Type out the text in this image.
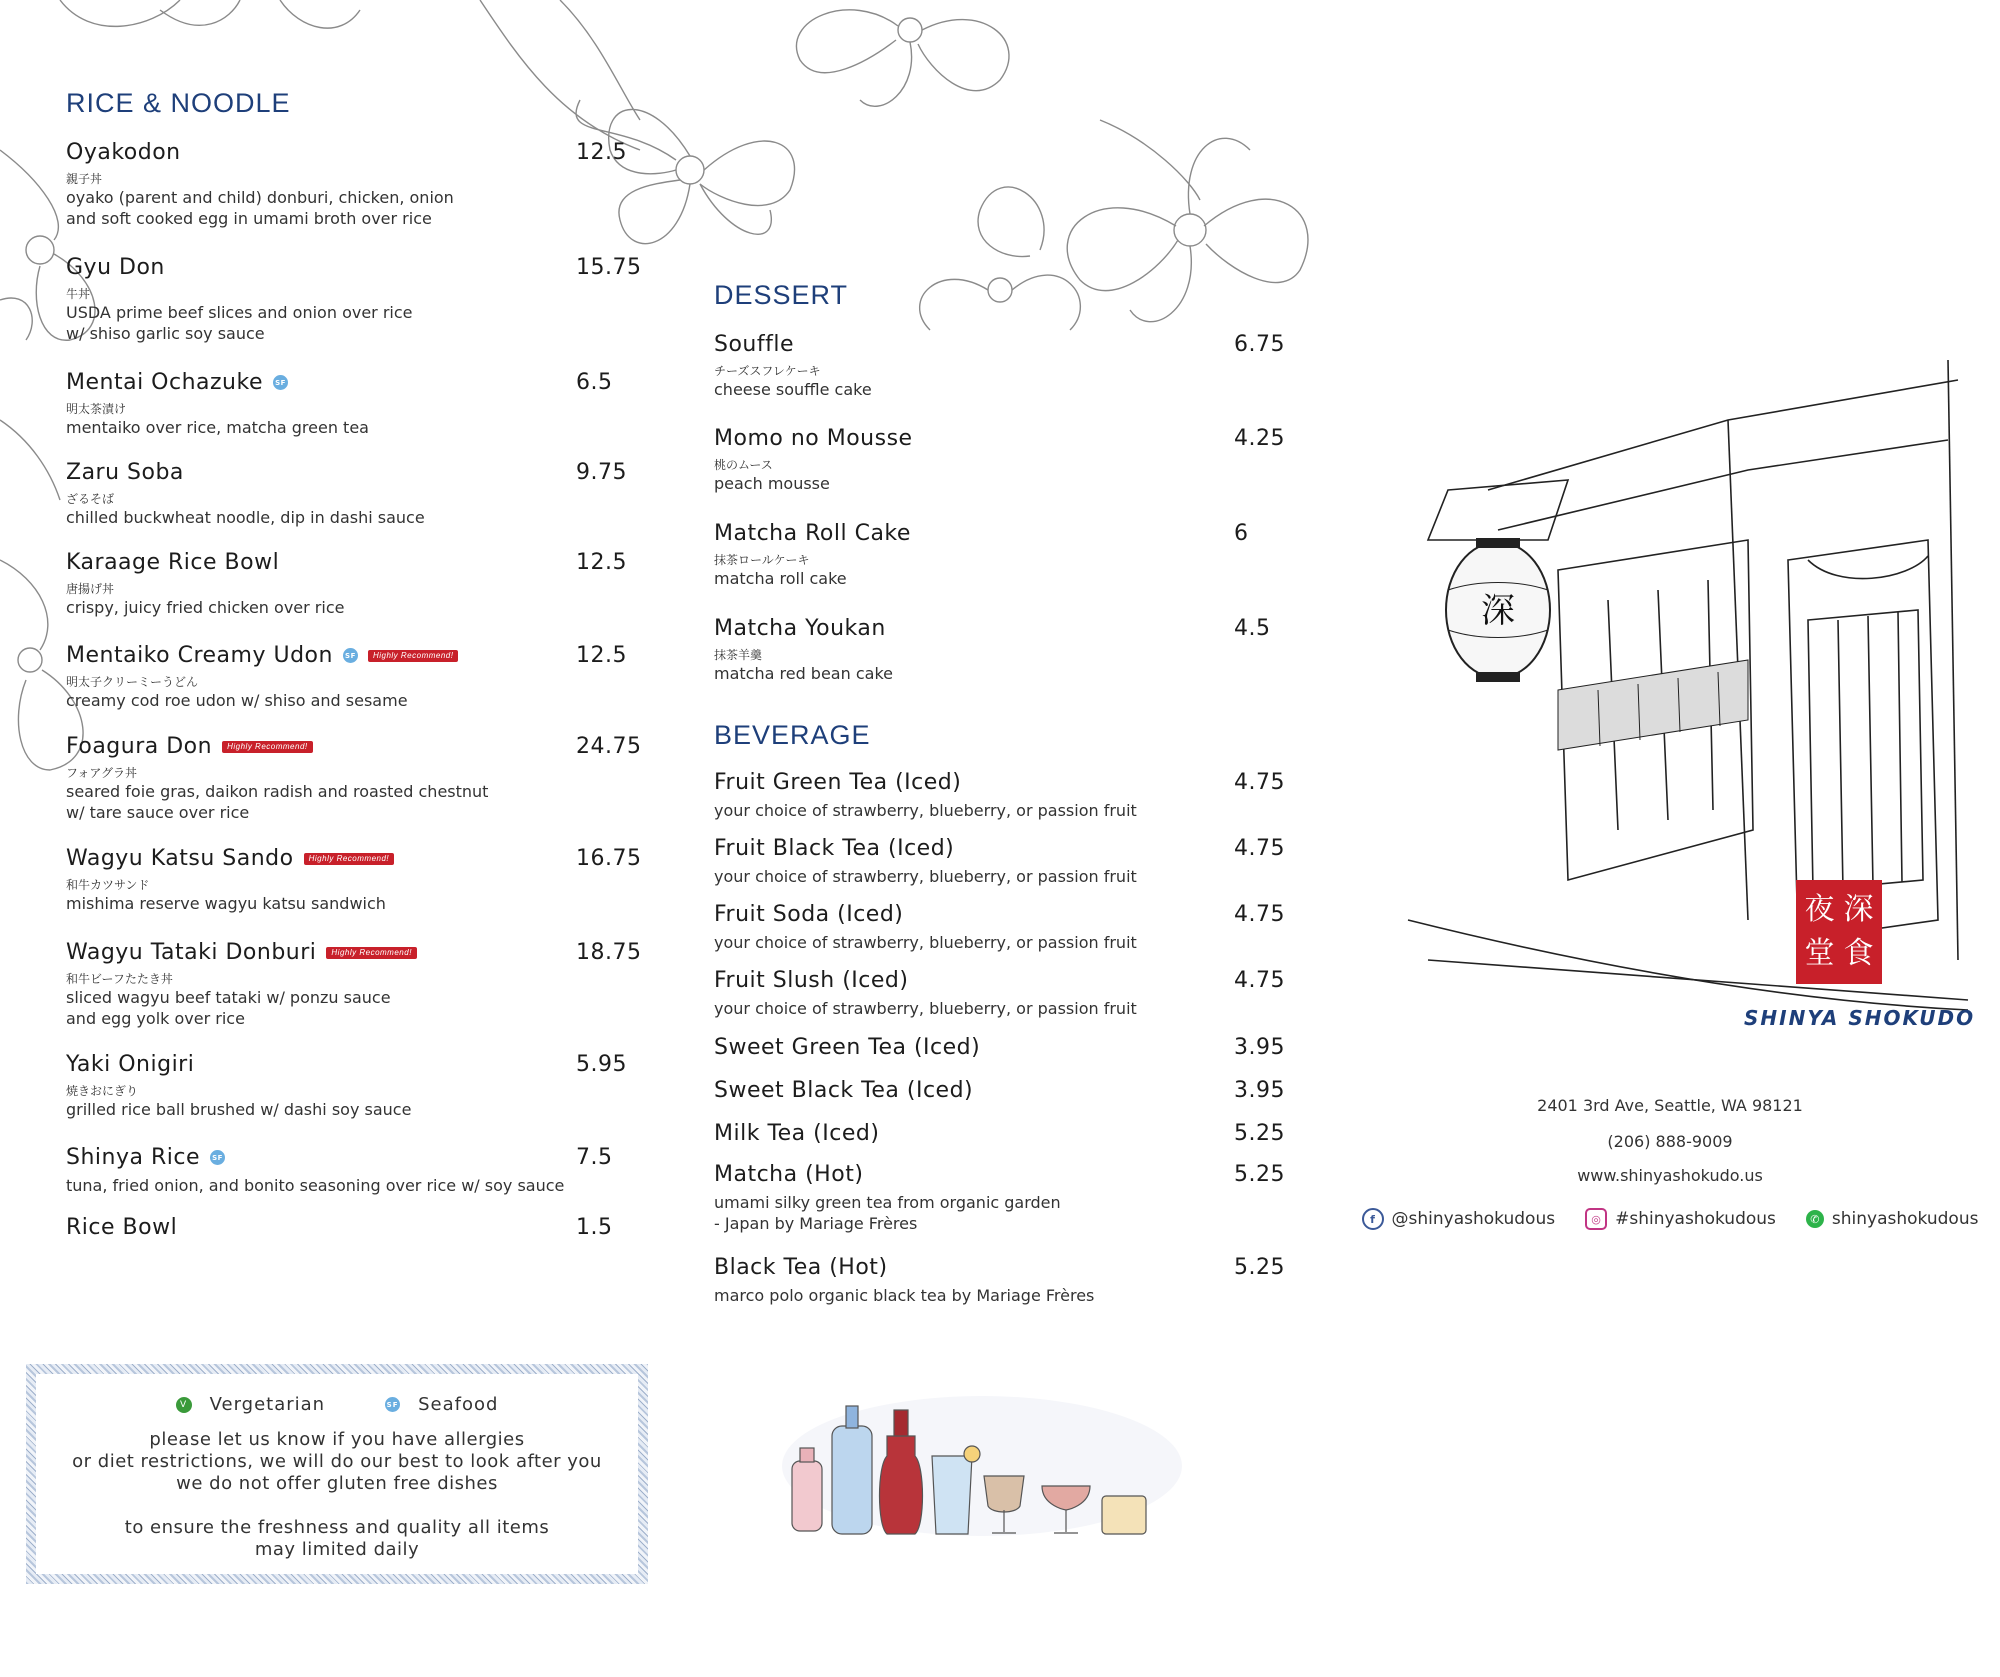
RICE & NOODLE
Oyakodon	12.5
親子丼
oyako (parent and child) donburi, chicken, onion
and soft cooked egg in umami broth over rice
Gyu Don	15.75
牛丼
USDA prime beef slices and onion over rice
w/ shiso garlic soy sauce
Mentai Ochazuke SF	6.5
明太茶漬け
mentaiko over rice, matcha green tea
Zaru Soba	9.75
ざるそば
chilled buckwheat noodle, dip in dashi sauce
Karaage Rice Bowl	12.5
唐揚げ丼
crispy, juicy fried chicken over rice
Mentaiko Creamy Udon SF	Highly Recommend!	12.5
明太子クリーミーうどん
creamy cod roe udon w/ shiso and sesame
Foagura Don	Highly Recommend!	24.75
フォアグラ丼
seared foie gras, daikon radish and roasted chestnut
w/ tare sauce over rice
Wagyu Katsu Sando	Highly Recommend!	16.75
和牛カツサンド
mishima reserve wagyu katsu sandwich
Wagyu Tataki Donburi	Highly Recommend!	18.75
和牛ビーフたたき丼
sliced wagyu beef tataki w/ ponzu sauce
and egg yolk over rice
Yaki Onigiri	5.95
焼きおにぎり
grilled rice ball brushed w/ dashi soy sauce
Shinya Rice SF	7.5
tuna, fried onion, and bonito seasoning over rice w/ soy sauce
Rice Bowl	1.5
DESSERT
Souffle	6.75
チーズスフレケーキ
cheese souffle cake
Momo no Mousse	4.25
桃のムース
peach mousse
Matcha Roll Cake	6
抹茶ロールケーキ
matcha roll cake
Matcha Youkan	4.5
抹茶羊羹
matcha red bean cake
BEVERAGE
Fruit Green Tea (Iced)	4.75
your choice of strawberry, blueberry, or passion fruit
Fruit Black Tea (Iced)	4.75
your choice of strawberry, blueberry, or passion fruit
Fruit Soda (Iced)	4.75
your choice of strawberry, blueberry, or passion fruit
Fruit Slush (Iced)	4.75
your choice of strawberry, blueberry, or passion fruit
Sweet Green Tea (Iced)	3.95
Sweet Black Tea (Iced)	3.95
Milk Tea (Iced)	5.25
Matcha (Hot)	5.25
umami silky green tea from organic garden
- Japan by Mariage Frères
Black Tea (Hot)	5.25
marco polo organic black tea by Mariage Frères
V Vergetarian	SF Seafood
please let us know if you have allergies
or diet restrictions, we will do our best to look after you
we do not offer gluten free dishes

to ensure the freshness and quality all items
may limited daily
深
夜 深
堂 食
SHINYA SHOKUDO
2401 3rd Ave, Seattle, WA 98121
(206) 888-9009
www.shinyashokudo.us
f @shinyashokudous	◎ #shinyashokudous	✆ shinyashokudous
